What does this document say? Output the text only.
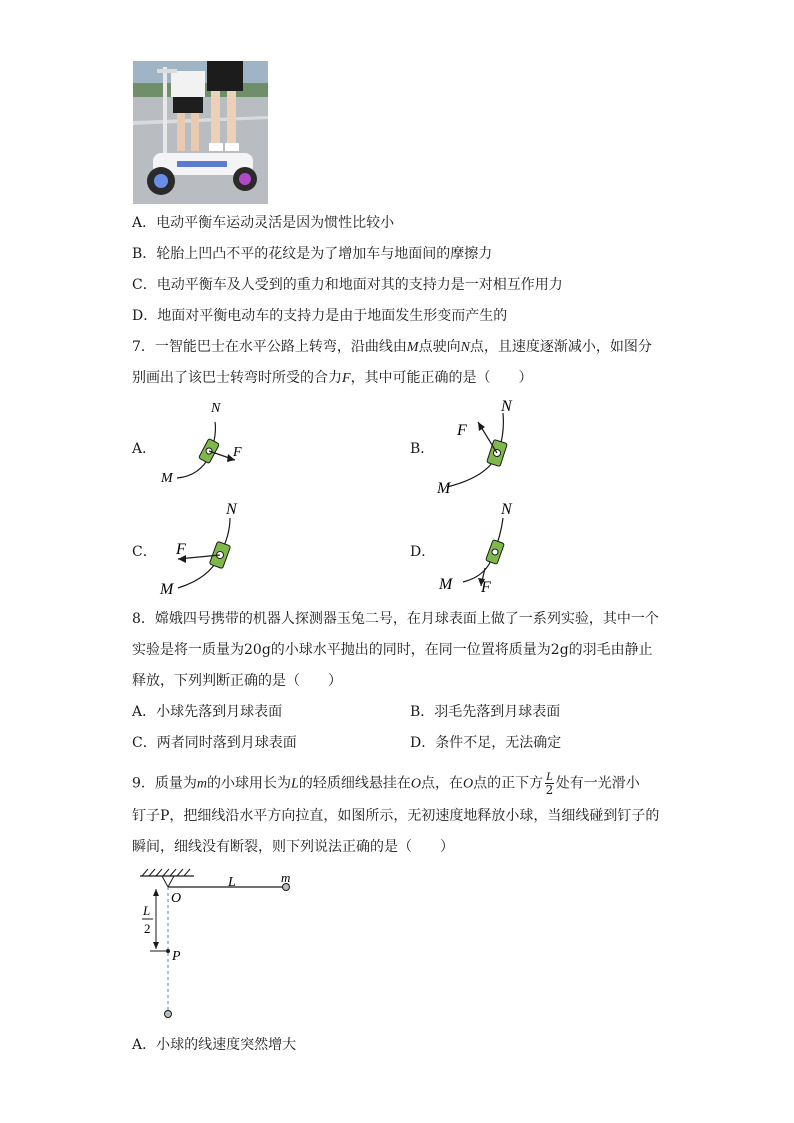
A．电动平衡车运动灵活是因为惯性比较小
B．轮胎上凹凸不平的花纹是为了增加车与地面间的摩擦力
C．电动平衡车及人受到的重力和地面对其的支持力是一对相互作用力
D．地面对平衡电动车的支持力是由于地面发生形变而产生的
7．一智能巴士在水平公路上转弯，沿曲线由M点驶向N点，且速度逐渐减小，如图分
别画出了该巴士转弯时所受的合力F，其中可能正确的是（　　）
A．
N
F
M
B．
N
F
M
C．
N
F
M
D．
N
F
M
8．嫦娥四号携带的机器人探测器玉兔二号，在月球表面上做了一系列实验，其中一个
实验是将一质量为20g的小球水平抛出的同时，在同一位置将质量为2g的羽毛由静止
释放，下列判断正确的是（　　）
A．小球先落到月球表面	B．羽毛先落到月球表面
C．两者同时落到月球表面	D．条件不足，无法确定
9．质量为m的小球用长为L的轻质细线悬挂在O点，在O点的正下方 $\frac{L}{2}$ 处有一光滑小
钉子P，把细线沿水平方向拉直，如图所示，无初速度地释放小球，当细线碰到钉子的
瞬间，细线没有断裂，则下列说法正确的是（　　）
O
L	m
L
2
P
A．小球的线速度突然增大
